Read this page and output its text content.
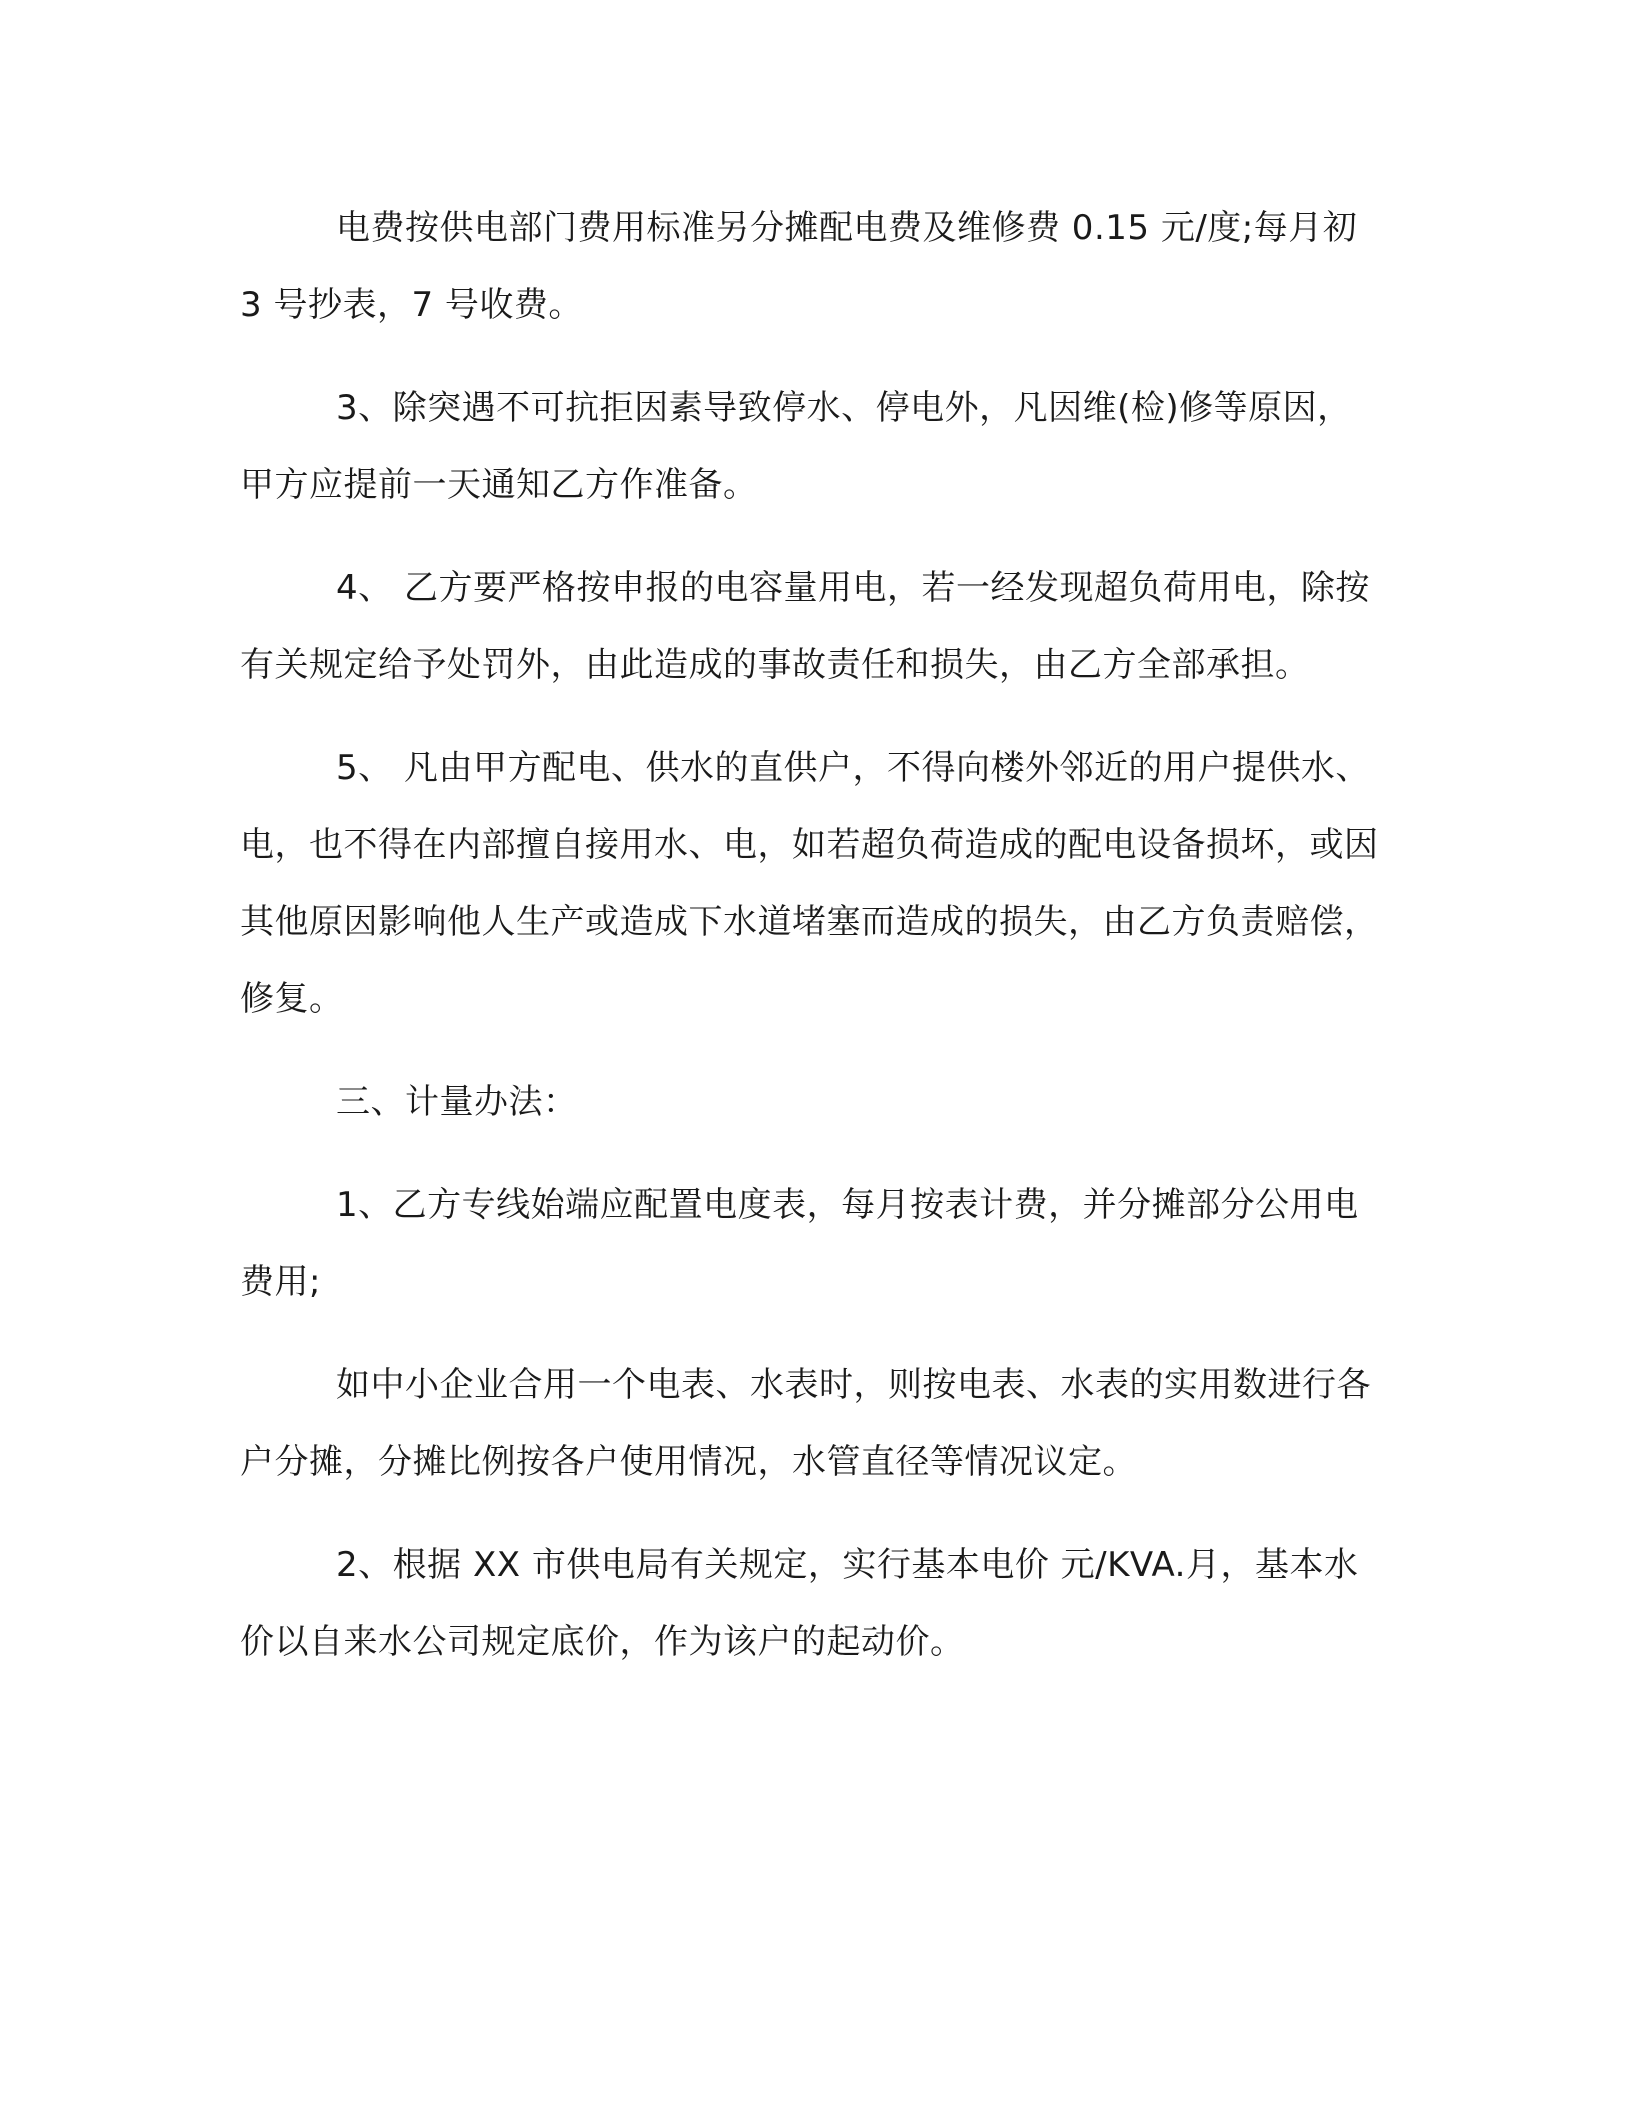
电费按供电部门费用标准另分摊配电费及维修费 0.15 元/度;每月初 3 号抄表，7 号收费。

3、除突遇不可抗拒因素导致停水、停电外，凡因维(检)修等原因，甲方应提前一天通知乙方作准备。

4、 乙方要严格按申报的电容量用电，若一经发现超负荷用电，除按有关规定给予处罚外，由此造成的事故责任和损失，由乙方全部承担。

5、 凡由甲方配电、供水的直供户，不得向楼外邻近的用户提供水、电，也不得在内部擅自接用水、电，如若超负荷造成的配电设备损坏，或因其他原因影响他人生产或造成下水道堵塞而造成的损失，由乙方负责赔偿，修复。

三、计量办法：

1、乙方专线始端应配置电度表，每月按表计费，并分摊部分公用电费用;

如中小企业合用一个电表、水表时，则按电表、水表的实用数进行各户分摊，分摊比例按各户使用情况，水管直径等情况议定。

2、根据 XX 市供电局有关规定，实行基本电价 元/KVA.月，基本水价以自来水公司规定底价，作为该户的起动价。
